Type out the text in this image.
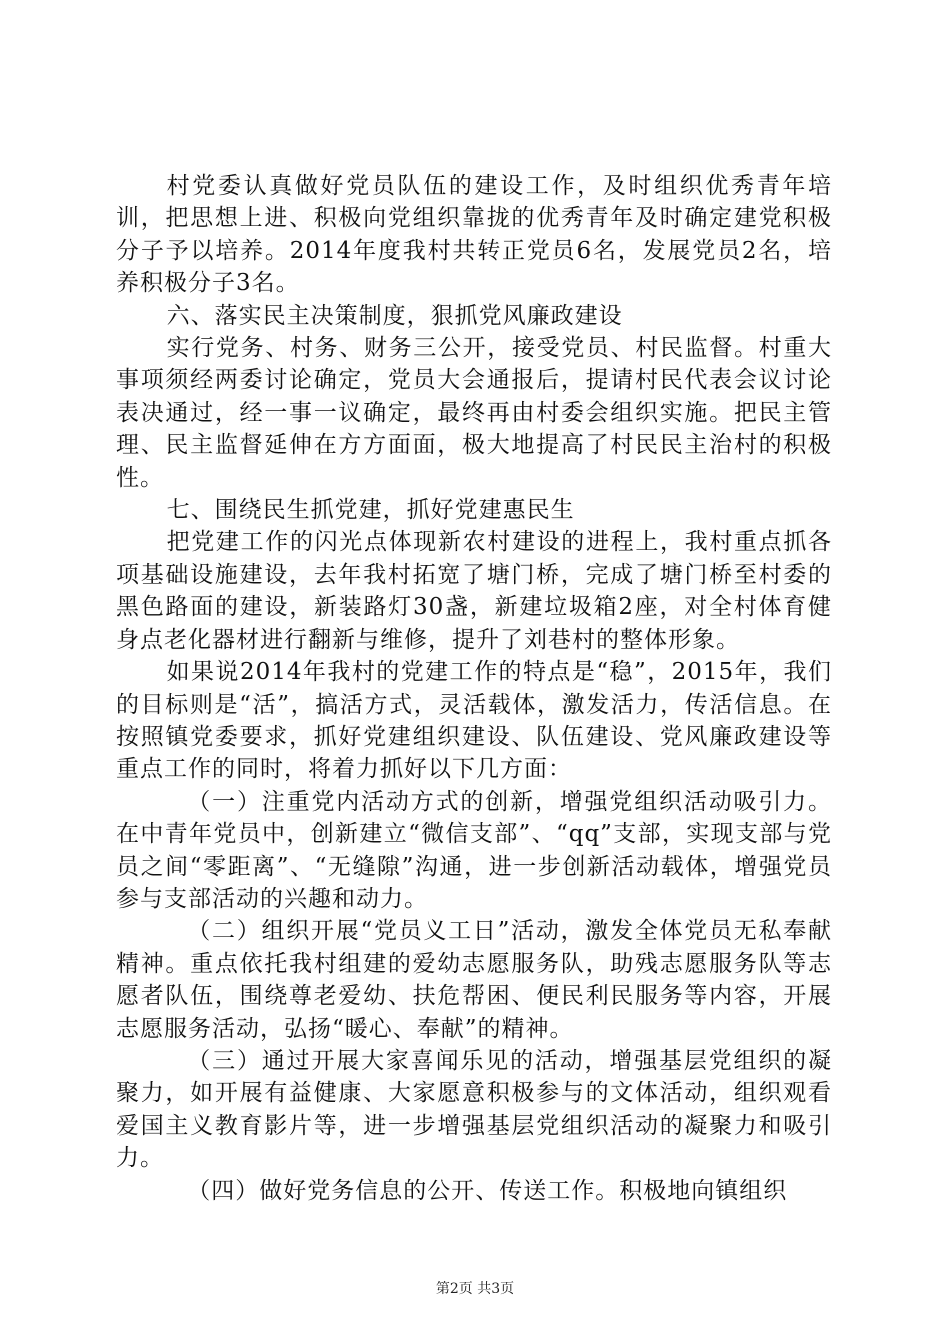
村党委认真做好党员队伍的建设工作，及时组织优秀青年培训，把思想上进、积极向党组织靠拢的优秀青年及时确定建党积极分子予以培养。2014年度我村共转正党员6名，发展党员2名，培养积极分子3名。

六、落实民主决策制度，狠抓党风廉政建设

实行党务、村务、财务三公开，接受党员、村民监督。村重大事项须经两委讨论确定，党员大会通报后，提请村民代表会议讨论表决通过，经一事一议确定，最终再由村委会组织实施。把民主管理、民主监督延伸在方方面面，极大地提高了村民民主治村的积极性。

七、围绕民生抓党建，抓好党建惠民生

把党建工作的闪光点体现新农村建设的进程上，我村重点抓各项基础设施建设，去年我村拓宽了塘门桥，完成了塘门桥至村委的黑色路面的建设，新装路灯30盏，新建垃圾箱2座，对全村体育健身点老化器材进行翻新与维修，提升了刘巷村的整体形象。

如果说2014年我村的党建工作的特点是“稳”，2015年，我们的目标则是“活”，搞活方式，灵活载体，激发活力，传活信息。在按照镇党委要求，抓好党建组织建设、队伍建设、党风廉政建设等重点工作的同时，将着力抓好以下几方面：

（一）注重党内活动方式的创新，增强党组织活动吸引力。在中青年党员中，创新建立“微信支部”、“qq”支部，实现支部与党员之间“零距离”、“无缝隙”沟通，进一步创新活动载体，增强党员参与支部活动的兴趣和动力。

（二）组织开展“党员义工日”活动，激发全体党员无私奉献精神。重点依托我村组建的爱幼志愿服务队，助残志愿服务队等志愿者队伍，围绕尊老爱幼、扶危帮困、便民利民服务等内容，开展志愿服务活动，弘扬“暖心、奉献”的精神。

（三）通过开展大家喜闻乐见的活动，增强基层党组织的凝聚力，如开展有益健康、大家愿意积极参与的文体活动，组织观看爱国主义教育影片等，进一步增强基层党组织活动的凝聚力和吸引力。

（四）做好党务信息的公开、传送工作。积极地向镇组织

第2页 共3页
